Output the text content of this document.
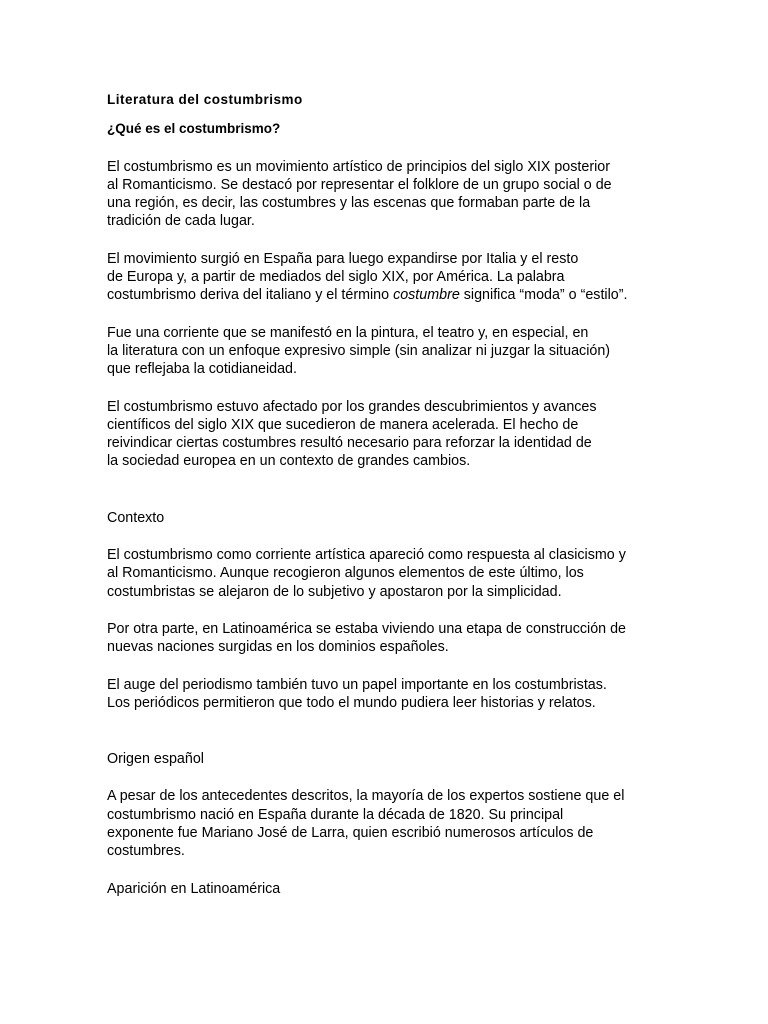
Literatura del costumbrismo
¿Qué es el costumbrismo?
El costumbrismo es un movimiento artístico de principios del siglo XIX posterior
al Romanticismo. Se destacó por representar el folklore de un grupo social o de
una región, es decir, las costumbres y las escenas que formaban parte de la
tradición de cada lugar.
El movimiento surgió en España para luego expandirse por Italia y el resto
de Europa y, a partir de mediados del siglo XIX, por América. La palabra
costumbrismo deriva del italiano y el término costumbre significa “moda” o “estilo”.
Fue una corriente que se manifestó en la pintura, el teatro y, en especial, en
la literatura con un enfoque expresivo simple (sin analizar ni juzgar la situación)
que reflejaba la cotidianeidad.
El costumbrismo estuvo afectado por los grandes descubrimientos y avances
científicos del siglo XIX que sucedieron de manera acelerada. El hecho de
reivindicar ciertas costumbres resultó necesario para reforzar la identidad de
la sociedad europea en un contexto de grandes cambios.
Contexto
El costumbrismo como corriente artística apareció como respuesta al clasicismo y
al Romanticismo. Aunque recogieron algunos elementos de este último, los
costumbristas se alejaron de lo subjetivo y apostaron por la simplicidad.
Por otra parte, en Latinoamérica se estaba viviendo una etapa de construcción de
nuevas naciones surgidas en los dominios españoles.
El auge del periodismo también tuvo un papel importante en los costumbristas.
Los periódicos permitieron que todo el mundo pudiera leer historias y relatos.
Origen español
A pesar de los antecedentes descritos, la mayoría de los expertos sostiene que el
costumbrismo nació en España durante la década de 1820. Su principal
exponente fue Mariano José de Larra, quien escribió numerosos artículos de
costumbres.
Aparición en Latinoamérica
